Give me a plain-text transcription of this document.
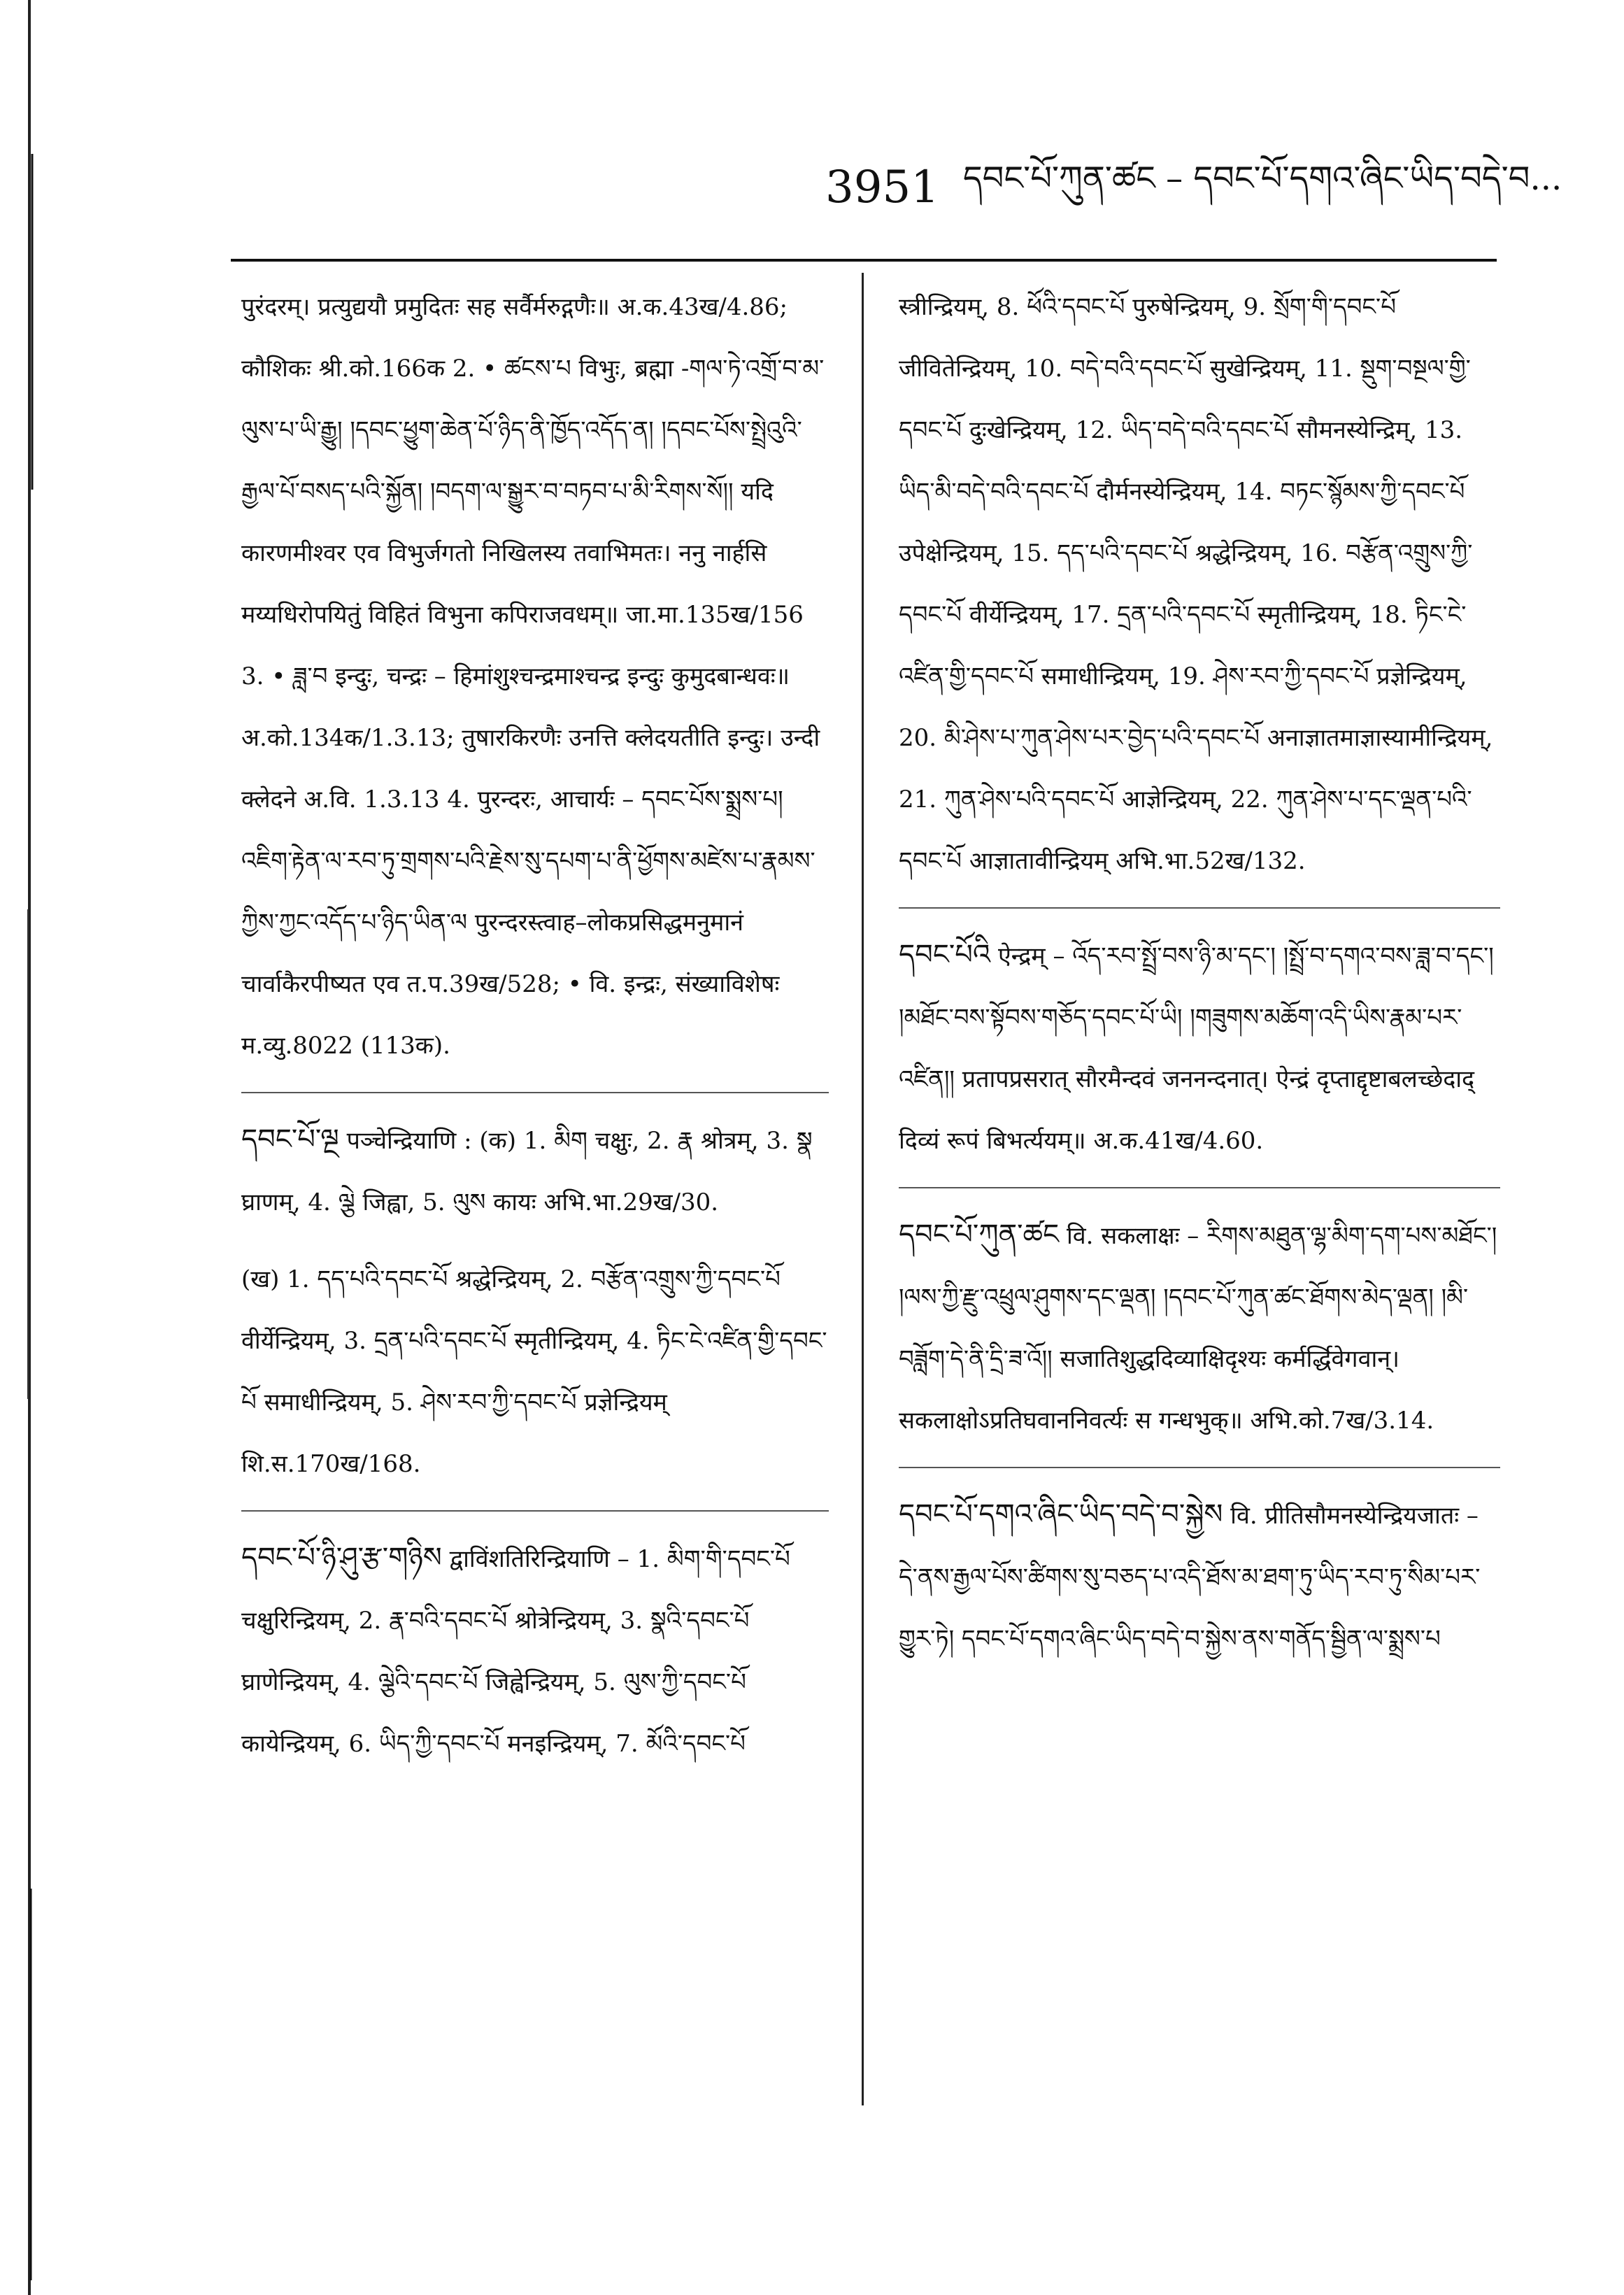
3951 དབང་པོ་ཀུན་ཚང – དབང་པོ་དགའ་ཞིང་ཡིད་བདེ་བ...

पुरंदरम्। प्रत्युद्ययौ प्रमुदितः सह सर्वैर्मरुद्गणैः॥ अ.क.43ख/4.86; कौशिकः श्री.को.166क 2. • ཚངས་པ विभुः, ब्रह्मा -གལ་ཏེ་འགྲོ་བ་མ་ལུས་པ་ཡི་རྒྱུ། །དབང་ཕྱུག་ཆེན་པོ་ཉིད་ནི་ཁྱོད་འདོད་ན། །དབང་པོས་སྤྲེའུའི་རྒྱལ་པོ་བསད་པའི་སྐྱོན། །བདག་ལ་སྒྱུར་བ་བཏབ་པ་མི་རིགས་སོ།། यदि कारणमीश्वर एव विभुर्जगतो निखिलस्य तवाभिमतः। ननु नार्हसि मय्यधिरोपयितुं विहितं विभुना कपिराजवधम्॥ जा.मा.135ख/156 3. • ཟླ་བ इन्दुः, चन्द्रः – हिमांशुश्चन्द्रमाश्चन्द्र इन्दुः कुमुदबान्धवः॥ अ.को.134क/1.3.13; तुषारकिरणैः उनत्ति क्लेदयतीति इन्दुः। उन्दी क्लेदने अ.वि. 1.3.13 4. पुरन्दरः, आचार्यः – དབང་པོས་སྨྲས་པ། འཇིག་རྟེན་ལ་རབ་ཏུ་གྲགས་པའི་རྗེས་སུ་དཔག་པ་ནི་ཕྱོགས་མཛེས་པ་རྣམས་ཀྱིས་ཀྱང་འདོད་པ་ཉིད་ཡིན་ལ पुरन्दरस्त्वाह–लोकप्रसिद्धमनुमानं चार्वाकैरपीष्यत एव त.प.39ख/528; • वि. इन्द्रः, संख्याविशेषः म.व्यु.8022 (113क).

དབང་པོ་ལྔ पञ्चेन्द्रियाणि : (क) 1. མིག चक्षुः, 2. རྣ श्रोत्रम्, 3. སྣ घ्राणम्, 4. ལྕེ जिह्वा, 5. ལུས कायः अभि.भा.29ख/30.

(ख) 1. དད་པའི་དབང་པོ श्रद्धेन्द्रियम्, 2. བརྩོན་འགྲུས་ཀྱི་དབང་པོ वीर्येन्द्रियम्, 3. དྲན་པའི་དབང་པོ स्मृतीन्द्रियम्, 4. ཏིང་ངེ་འཛིན་གྱི་དབང་པོ समाधीन्द्रियम्, 5. ཤེས་རབ་ཀྱི་དབང་པོ प्रज्ञेन्द्रियम् शि.स.170ख/168.

དབང་པོ་ཉི་ཤུ་རྩ་གཉིས द्वाविंशतिरिन्द्रियाणि – 1. མིག་གི་དབང་པོ चक्षुरिन्द्रियम्, 2. རྣ་བའི་དབང་པོ श्रोत्रेन्द्रियम्, 3. སྣའི་དབང་པོ घ्राणेन्द्रियम्, 4. ལྕེའི་དབང་པོ जिह्वेन्द्रियम्, 5. ལུས་ཀྱི་དབང་པོ कायेन्द्रियम्, 6. ཡིད་ཀྱི་དབང་པོ मनइन्द्रियम्, 7. མོའི་དབང་པོ

स्त्रीन्द्रियम्, 8. ཕོའི་དབང་པོ पुरुषेन्द्रियम्, 9. སྲོག་གི་དབང་པོ जीवितेन्द्रियम्, 10. བདེ་བའི་དབང་པོ सुखेन्द्रियम्, 11. སྡུག་བསྔལ་གྱི་དབང་པོ दुःखेन्द्रियम्, 12. ཡིད་བདེ་བའི་དབང་པོ सौमनस्येन्द्रिम्, 13. ཡིད་མི་བདེ་བའི་དབང་པོ दौर्मनस्येन्द्रियम्, 14. བཏང་སྙོམས་ཀྱི་དབང་པོ उपेक्षेन्द्रियम्, 15. དད་པའི་དབང་པོ श्रद्धेन्द्रियम्, 16. བརྩོན་འགྲུས་ཀྱི་དབང་པོ वीर्येन्द्रियम्, 17. དྲན་པའི་དབང་པོ स्मृतीन्द्रियम्, 18. ཏིང་ངེ་འཛིན་གྱི་དབང་པོ समाधीन्द्रियम्, 19. ཤེས་རབ་ཀྱི་དབང་པོ प्रज्ञेन्द्रियम्, 20. མི་ཤེས་པ་ཀུན་ཤེས་པར་བྱེད་པའི་དབང་པོ अनाज्ञातमाज्ञास्यामीन्द्रियम्, 21. ཀུན་ཤེས་པའི་དབང་པོ आज्ञेन्द्रियम्, 22. ཀུན་ཤེས་པ་དང་ལྡན་པའི་དབང་པོ आज्ञातावीन्द्रियम् अभि.भा.52ख/132.

དབང་པོའི ऐन्द्रम् – འོད་རབ་སྤྲོ་བས་ཉི་མ་དང་། །སྤྲོ་བ་དགའ་བས་ཟླ་བ་དང་། །མཐོང་བས་སྟོབས་གཅོད་དབང་པོ་ཡི། །གཟུགས་མཆོག་འདི་ཡིས་རྣམ་པར་འཛིན།། प्रतापप्रसरात् सौरमैन्दवं जननन्दनात्। ऐन्द्रं दृप्ताद्दृष्टाबलच्छेदाद् दिव्यं रूपं बिभर्त्ययम्॥ अ.क.41ख/4.60.

དབང་པོ་ཀུན་ཚང वि. सकलाक्षः – རིགས་མཐུན་ལྷ་མིག་དག་པས་མཐོང་། །ལས་ཀྱི་རྫུ་འཕྲུལ་ཤུགས་དང་ལྡན། །དབང་པོ་ཀུན་ཚང་ཐོགས་མེད་ལྡན། །མི་བཟློག་དེ་ནི་དྲི་ཟ་འོ།། सजातिशुद्धदिव्याक्षिदृश्यः कर्मर्द्धिवेगवान्। सकलाक्षोऽप्रतिघवाननिवर्त्यः स गन्धभुक्॥ अभि.को.7ख/3.14.

དབང་པོ་དགའ་ཞིང་ཡིད་བདེ་བ་སྐྱེས वि. प्रीतिसौमनस्येन्द्रियजातः – དེ་ནས་རྒྱལ་པོས་ཚིགས་སུ་བཅད་པ་འདི་ཐོས་མ་ཐག་ཏུ་ཡིད་རབ་ཏུ་སིམ་པར་གྱུར་ཏེ། དབང་པོ་དགའ་ཞིང་ཡིད་བདེ་བ་སྐྱེས་ནས་གནོད་སྦྱིན་ལ་སྨྲས་པ
